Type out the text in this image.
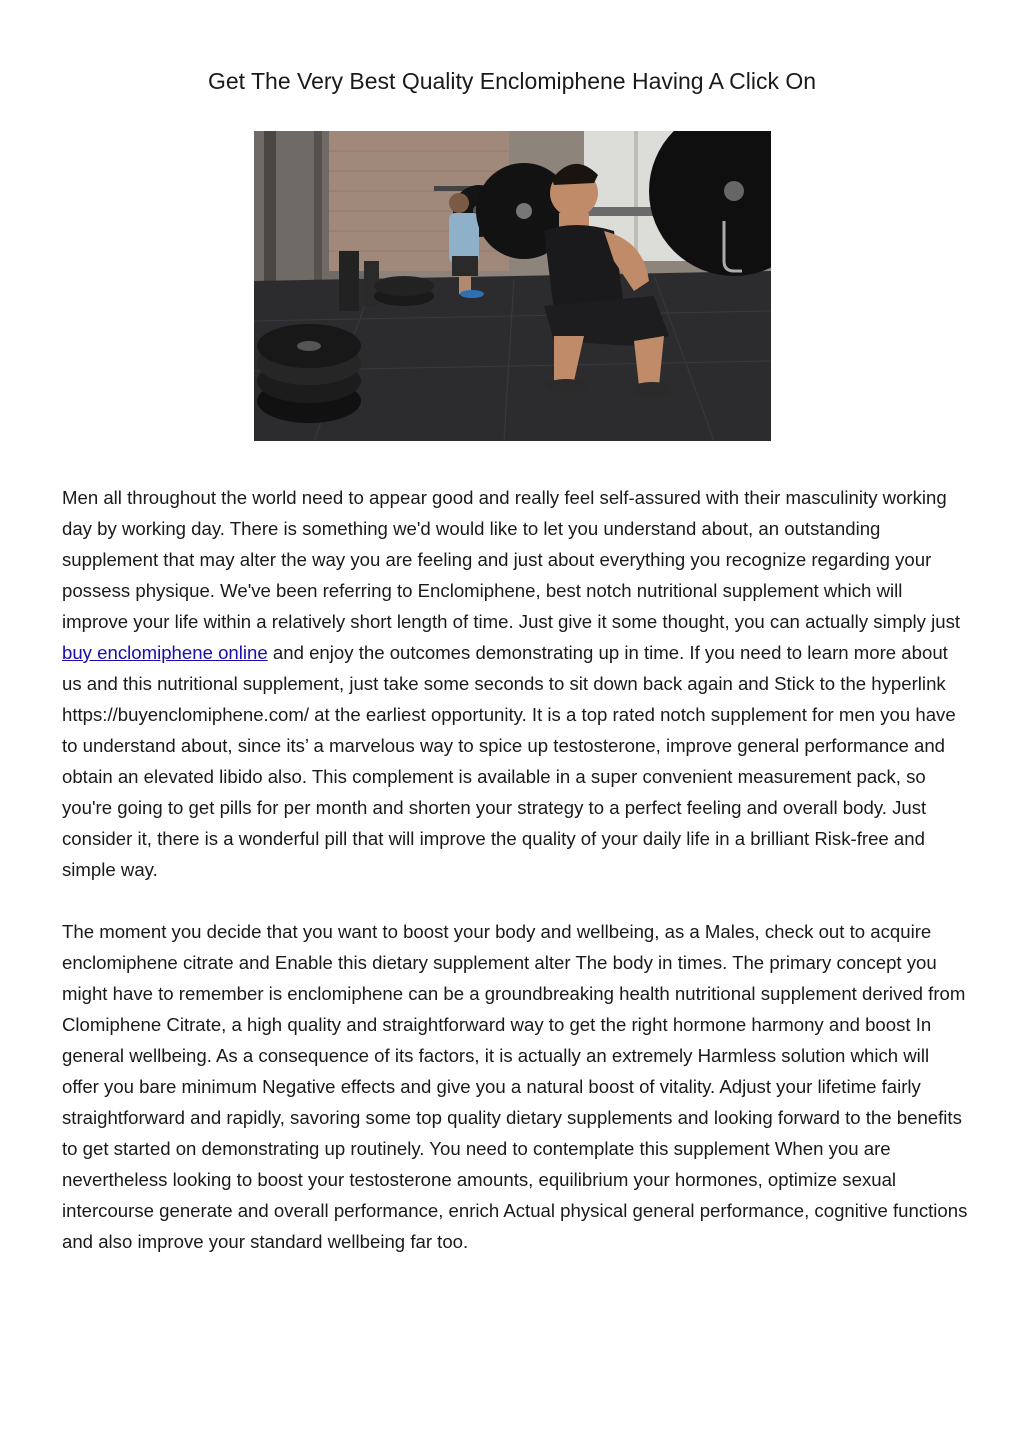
Get The Very Best Quality Enclomiphene Having A Click On

Men all throughout the world need to appear good and really feel self-assured with their masculinity working day by working day. There is something we'd would like to let you understand about, an outstanding supplement that may alter the way you are feeling and just about everything you recognize regarding your possess physique. We've been referring to Enclomiphene, best notch nutritional supplement which will improve your life within a relatively short length of time. Just give it some thought, you can actually simply just buy enclomiphene online and enjoy the outcomes demonstrating up in time. If you need to learn more about us and this nutritional supplement, just take some seconds to sit down back again and Stick to the hyperlink https://buyenclomiphene.com/ at the earliest opportunity. It is a top rated notch supplement for men you have to understand about, since its’ a marvelous way to spice up testosterone, improve general performance and obtain an elevated libido also. This complement is available in a super convenient measurement pack, so you're going to get pills for per month and shorten your strategy to a perfect feeling and overall body. Just consider it, there is a wonderful pill that will improve the quality of your daily life in a brilliant Risk-free and simple way.

The moment you decide that you want to boost your body and wellbeing, as a Males, check out to acquire enclomiphene citrate and Enable this dietary supplement alter The body in times. The primary concept you might have to remember is enclomiphene can be a groundbreaking health nutritional supplement derived from Clomiphene Citrate, a high quality and straightforward way to get the right hormone harmony and boost In general wellbeing. As a consequence of its factors, it is actually an extremely Harmless solution which will offer you bare minimum Negative effects and give you a natural boost of vitality. Adjust your lifetime fairly straightforward and rapidly, savoring some top quality dietary supplements and looking forward to the benefits to get started on demonstrating up routinely. You need to contemplate this supplement When you are nevertheless looking to boost your testosterone amounts, equilibrium your hormones, optimize sexual intercourse generate and overall performance, enrich Actual physical general performance, cognitive functions and also improve your standard wellbeing far too.
